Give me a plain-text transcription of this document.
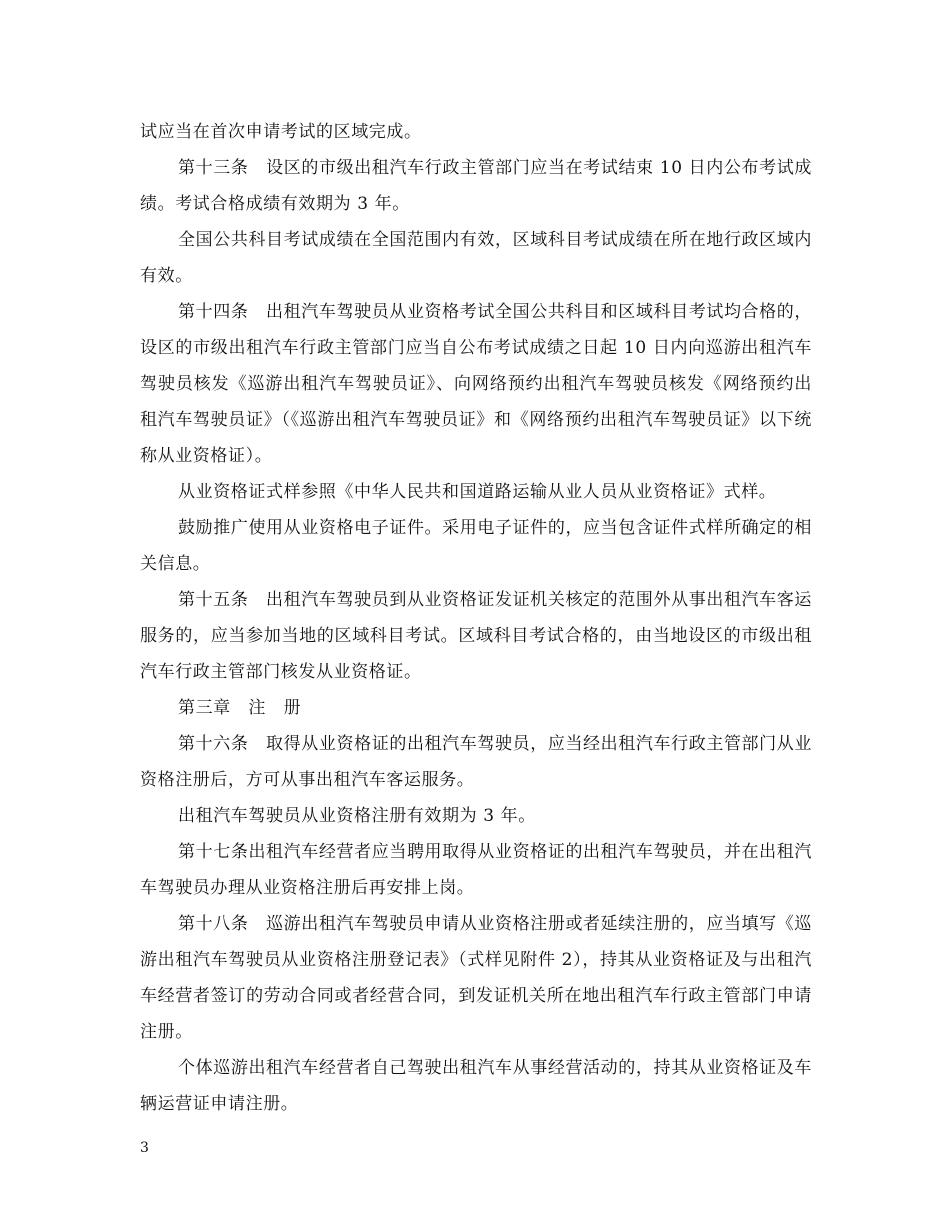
试应当在首次申请考试的区域完成。

第十三条　设区的市级出租汽车行政主管部门应当在考试结束 10 日内公布考试成绩。考试合格成绩有效期为 3 年。

全国公共科目考试成绩在全国范围内有效，区域科目考试成绩在所在地行政区域内有效。

第十四条　出租汽车驾驶员从业资格考试全国公共科目和区域科目考试均合格的，设区的市级出租汽车行政主管部门应当自公布考试成绩之日起 10 日内向巡游出租汽车驾驶员核发《巡游出租汽车驾驶员证》、向网络预约出租汽车驾驶员核发《网络预约出租汽车驾驶员证》（《巡游出租汽车驾驶员证》和《网络预约出租汽车驾驶员证》以下统称从业资格证）。

从业资格证式样参照《中华人民共和国道路运输从业人员从业资格证》式样。

鼓励推广使用从业资格电子证件。采用电子证件的，应当包含证件式样所确定的相关信息。

第十五条　出租汽车驾驶员到从业资格证发证机关核定的范围外从事出租汽车客运服务的，应当参加当地的区域科目考试。区域科目考试合格的，由当地设区的市级出租汽车行政主管部门核发从业资格证。

第三章　注　册

第十六条　取得从业资格证的出租汽车驾驶员，应当经出租汽车行政主管部门从业资格注册后，方可从事出租汽车客运服务。

出租汽车驾驶员从业资格注册有效期为 3 年。

第十七条出租汽车经营者应当聘用取得从业资格证的出租汽车驾驶员，并在出租汽车驾驶员办理从业资格注册后再安排上岗。

第十八条　巡游出租汽车驾驶员申请从业资格注册或者延续注册的，应当填写《巡游出租汽车驾驶员从业资格注册登记表》（式样见附件 2），持其从业资格证及与出租汽车经营者签订的劳动合同或者经营合同，到发证机关所在地出租汽车行政主管部门申请注册。

个体巡游出租汽车经营者自己驾驶出租汽车从事经营活动的，持其从业资格证及车辆运营证申请注册。

3
